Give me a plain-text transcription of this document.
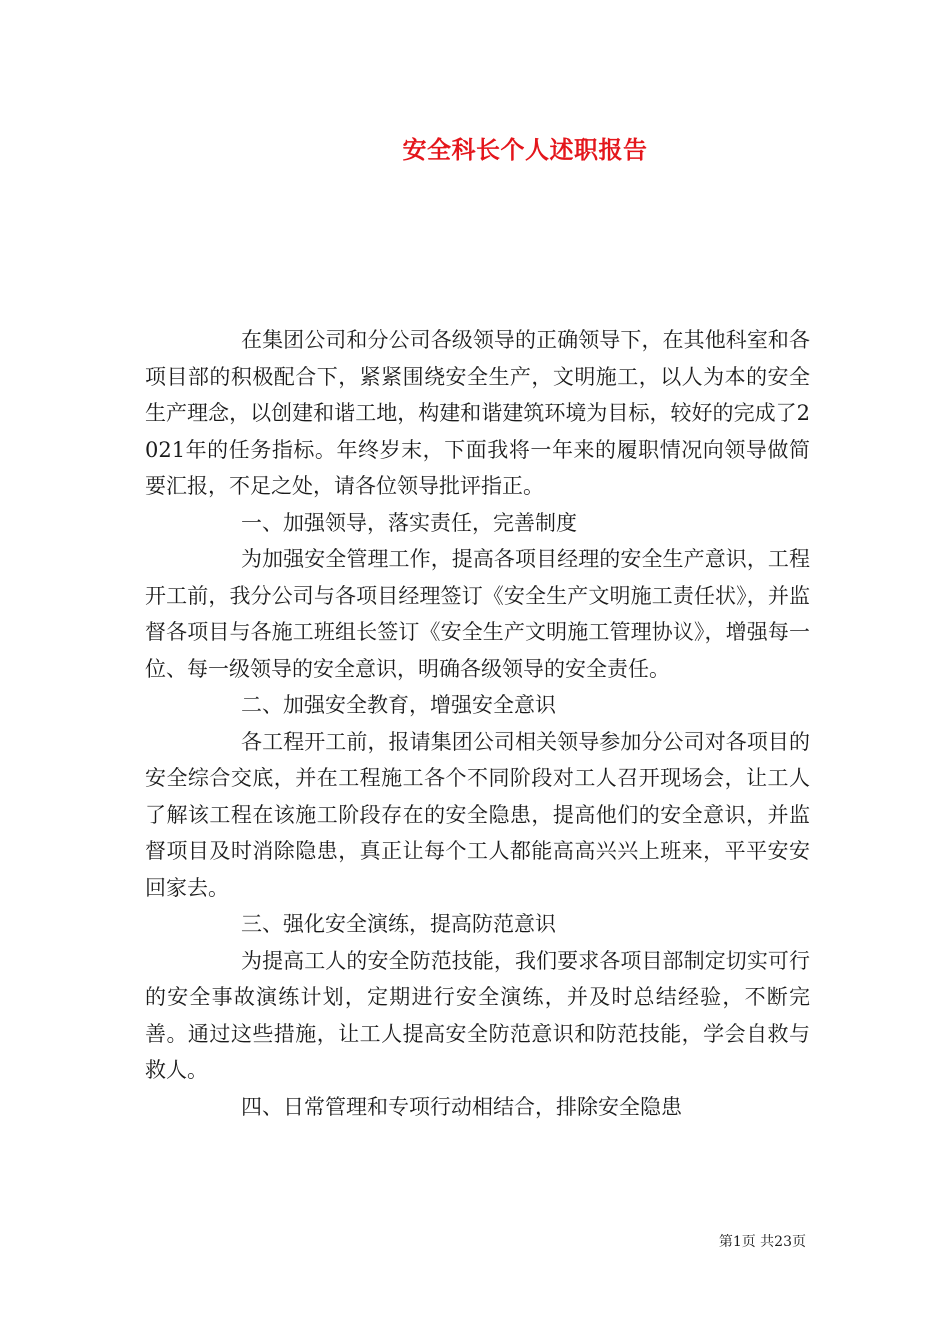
安全科长个人述职报告

在集团公司和分公司各级领导的正确领导下，在其他科室和各项目部的积极配合下，紧紧围绕安全生产，文明施工，以人为本的安全生产理念，以创建和谐工地，构建和谐建筑环境为目标，较好的完成了2021年的任务指标。年终岁末，下面我将一年来的履职情况向领导做简要汇报，不足之处，请各位领导批评指正。

一、加强领导，落实责任，完善制度

为加强安全管理工作，提高各项目经理的安全生产意识，工程开工前，我分公司与各项目经理签订《安全生产文明施工责任状》，并监督各项目与各施工班组长签订《安全生产文明施工管理协议》，增强每一位、每一级领导的安全意识，明确各级领导的安全责任。

二、加强安全教育，增强安全意识

各工程开工前，报请集团公司相关领导参加分公司对各项目的安全综合交底，并在工程施工各个不同阶段对工人召开现场会，让工人了解该工程在该施工阶段存在的安全隐患，提高他们的安全意识，并监督项目及时消除隐患，真正让每个工人都能高高兴兴上班来，平平安安回家去。

三、强化安全演练，提高防范意识

为提高工人的安全防范技能，我们要求各项目部制定切实可行的安全事故演练计划，定期进行安全演练，并及时总结经验，不断完善。通过这些措施，让工人提高安全防范意识和防范技能，学会自救与救人。

四、日常管理和专项行动相结合，排除安全隐患

第1页 共23页
